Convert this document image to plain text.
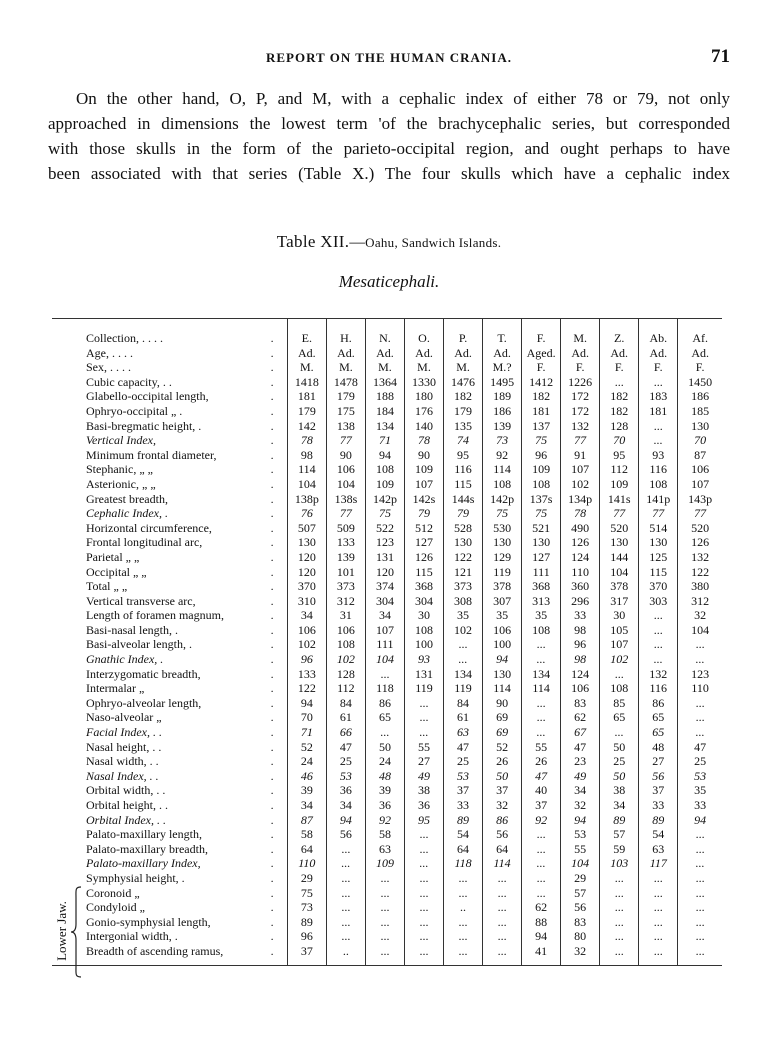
REPORT ON THE HUMAN CRANIA.	71

On the other hand, O, P, and M, with a cephalic index of either 78 or 79, not only
approached in dimensions the lowest term 'of the brachycephalic series, but corresponded
with those skulls in the form of the parieto-occipital region, and ought perhaps to have
been associated with that series (Table X.) The four skulls which have a cephalic index

Table XII.—Oahu, Sandwich Islands.
Mesaticephali.
Collection, . . . .	.	E.	H.	N.	O.	P.	T.	F.	M.	Z.	Ab.	Af.
Age, . . . .	.	Ad.	Ad.	Ad.	Ad.	Ad.	Ad.	Aged.	Ad.	Ad.	Ad.	Ad.
Sex, . . . .	.	M.	M.	M.	M.	M.	M.?	F.	F.	F.	F.	F.
Cubic capacity, . .	.	1418	1478	1364	1330	1476	1495	1412	1226	...	...	1450
Glabello-occipital length,	.	181	179	188	180	182	189	182	172	182	183	186
Ophryo-occipital „ .	.	179	175	184	176	179	186	181	172	182	181	185
Basi-bregmatic height, .	.	142	138	134	140	135	139	137	132	128	...	130
Vertical Index,	.	78	77	71	78	74	73	75	77	70	...	70
Minimum frontal diameter,	.	98	90	94	90	95	92	96	91	95	93	87
Stephanic, „ „	.	114	106	108	109	116	114	109	107	112	116	106
Asterionic, „ „	.	104	104	109	107	115	108	108	102	109	108	107
Greatest breadth,	.	138p	138s	142p	142s	144s	142p	137s	134p	141s	141p	143p
Cephalic Index, .	.	76	77	75	79	79	75	75	78	77	77	77
Horizontal circumference,	.	507	509	522	512	528	530	521	490	520	514	520
Frontal longitudinal arc,	.	130	133	123	127	130	130	130	126	130	130	126
Parietal „ „	.	120	139	131	126	122	129	127	124	144	125	132
Occipital „ „	.	120	101	120	115	121	119	111	110	104	115	122
Total „ „	.	370	373	374	368	373	378	368	360	378	370	380
Vertical transverse arc,	.	310	312	304	304	308	307	313	296	317	303	312
Length of foramen magnum,	.	34	31	34	30	35	35	35	33	30	...	32
Basi-nasal length, .	.	106	106	107	108	102	106	108	98	105	...	104
Basi-alveolar length, .	.	102	108	111	100	...	100	...	96	107	...	...
Gnathic Index, .	.	96	102	104	93	...	94	...	98	102	...	...
Interzygomatic breadth,	.	133	128	...	131	134	130	134	124	...	132	123
Intermalar „	.	122	112	118	119	119	114	114	106	108	116	110
Ophryo-alveolar length,	.	94	84	86	...	84	90	...	83	85	86	...
Naso-alveolar „	.	70	61	65	...	61	69	...	62	65	65	...
Facial Index, . .	.	71	66	...	...	63	69	...	67	...	65	...
Nasal height, . .	.	52	47	50	55	47	52	55	47	50	48	47
Nasal width, . .	.	24	25	24	27	25	26	26	23	25	27	25
Nasal Index, . .	.	46	53	48	49	53	50	47	49	50	56	53
Orbital width, . .	.	39	36	39	38	37	37	40	34	38	37	35
Orbital height, . .	.	34	34	36	36	33	32	37	32	34	33	33
Orbital Index, . .	.	87	94	92	95	89	86	92	94	89	89	94
Palato-maxillary length,	.	58	56	58	...	54	56	...	53	57	54	...
Palato-maxillary breadth,	.	64	...	63	...	64	64	...	55	59	63	...
Palato-maxillary Index,	.	110	...	109	...	118	114	...	104	103	117	...
Symphysial height, .	.	29	...	...	...	...	...	...	29	...	...	...
Coronoid „	.	75	...	...	...	...	...	...	57	...	...	...
Condyloid „	.	73	...	...	...	..	...	62	56	...	...	...
Gonio-symphysial length,	.	89	...	...	...	...	...	88	83	...	...	...
Intergonial width, .	.	96	...	...	...	...	...	94	80	...	...	...
Breadth of ascending ramus,	.	37	..	...	...	...	...	41	32	...	...	...
Lower Jaw.
